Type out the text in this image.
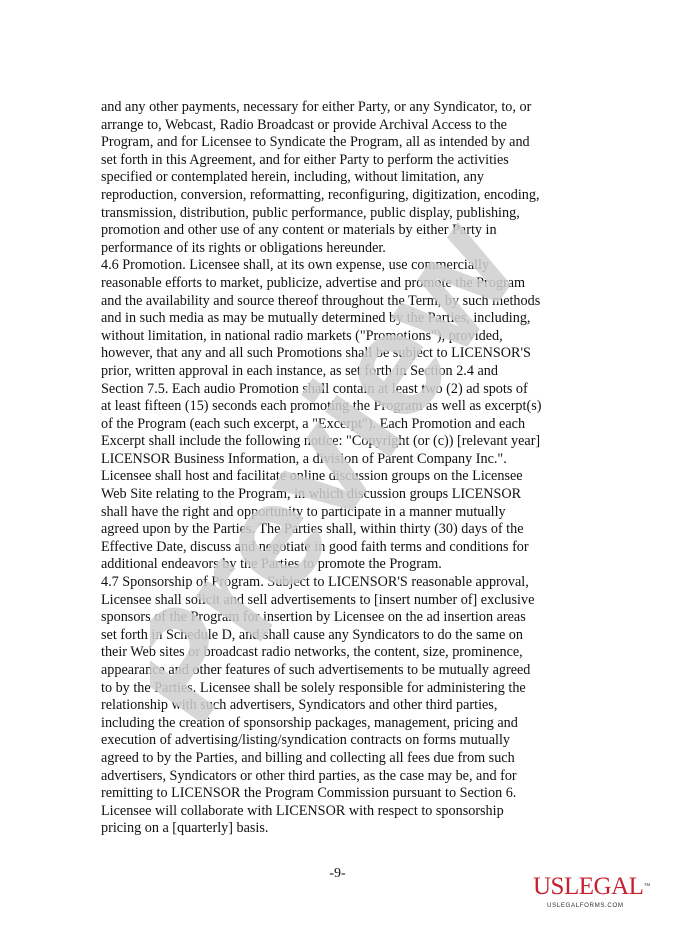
and any other payments, necessary for either Party, or any Syndicator, to, or
arrange to, Webcast, Radio Broadcast or provide Archival Access to the
Program, and for Licensee to Syndicate the Program, all as intended by and
set forth in this Agreement, and for either Party to perform the activities
specified or contemplated herein, including, without limitation, any
reproduction, conversion, reformatting, reconfiguring, digitization, encoding,
transmission, distribution, public performance, public display, publishing,
promotion and other use of any content or materials by either Party in
performance of its rights or obligations hereunder.
4.6 Promotion. Licensee shall, at its own expense, use commercially
reasonable efforts to market, publicize, advertise and promote the Program
and the availability and source thereof throughout the Term, by such methods
and in such media as may be mutually determined by the Parties, including,
without limitation, in national radio markets ("Promotions"), provided,
however, that any and all such Promotions shall be subject to LICENSOR'S
prior, written approval in each instance, as set forth in Section 2.4 and
Section 7.5. Each audio Promotion shall contain at least two (2) ad spots of
at least fifteen (15) seconds each promoting the Program as well as excerpt(s)
of the Program (each such excerpt, a "Excerpt"). Each Promotion and each
Excerpt shall include the following notice: "Copyright (or (c)) [relevant year]
LICENSOR Business Information, a division of Parent Company Inc.".
Licensee shall host and facilitate online discussion groups on the Licensee
Web Site relating to the Program, in which discussion groups LICENSOR
shall have the right and opportunity to participate in a manner mutually
agreed upon by the Parties. The Parties shall, within thirty (30) days of the
Effective Date, discuss and negotiate in good faith terms and conditions for
additional endeavors by the Parties to promote the Program.
4.7 Sponsorship of Program. Subject to LICENSOR'S reasonable approval,
Licensee shall solicit and sell advertisements to [insert number of] exclusive
sponsors of the Program for insertion by Licensee on the ad insertion areas
set forth in Schedule D, and shall cause any Syndicators to do the same on
their Web sites or broadcast radio networks, the content, size, prominence,
appearance and other features of such advertisements to be mutually agreed
to by the Parties. Licensee shall be solely responsible for administering the
relationship with such advertisers, Syndicators and other third parties,
including the creation of sponsorship packages, management, pricing and
execution of advertising/listing/syndication contracts on forms mutually
agreed to by the Parties, and billing and collecting all fees due from such
advertisers, Syndicators or other third parties, as the case may be, and for
remitting to LICENSOR the Program Commission pursuant to Section 6.
Licensee will collaborate with LICENSOR with respect to sponsorship
pricing on a [quarterly] basis.
Preview
-9-	USLEGAL™
USLEGALFORMS.COM
